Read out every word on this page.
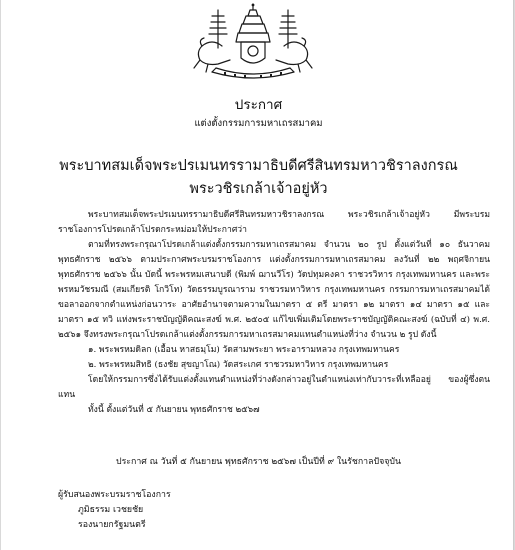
ประกาศ
แต่งตั้งกรรมการมหาเถรสมาคม
พระบาทสมเด็จพระปรเมนทรรามาธิบดีศรีสินทรมหาวชิราลงกรณ
พระวชิรเกล้าเจ้าอยู่หัว

พระบาทสมเด็จพระปรเมนทรรามาธิบดีศรีสินทรมหาวชิราลงกรณ พระวชิรเกล้าเจ้าอยู่หัว มีพระบรมราชโองการโปรดเกล้าโปรดกระหม่อมให้ประกาศว่า

ตามที่ทรงพระกรุณาโปรดเกล้าแต่งตั้งกรรมการมหาเถรสมาคม จำนวน ๒๐ รูป ตั้งแต่วันที่ ๑๐ ธันวาคม พุทธศักราช ๒๕๖๖ ตามประกาศพระบรมราชโองการ แต่งตั้งกรรมการมหาเถรสมาคม ลงวันที่ ๒๒ พฤศจิกายน พุทธศักราช ๒๕๖๖ นั้น บัดนี้ พระพรหมเสนาบดี (พิมพ์ ฌานวีโร) วัดปทุมคงคา ราชวรวิหาร กรุงเทพมหานคร และพระพรหมวัชรมณี (สมเกียรติ โกวิโท) วัดธรรมบูรณาราม ราชวรมหาวิหาร กรุงเทพมหานคร กรรมการมหาเถรสมาคมได้ขอลาออกจากตำแหน่งก่อนวาระ อาศัยอำนาจตามความในมาตรา ๕ ตรี มาตรา ๑๒ มาตรา ๑๔ มาตรา ๑๕ และมาตรา ๑๕ ทวิ แห่งพระราชบัญญัติคณะสงฆ์ พ.ศ. ๒๕๐๕ แก้ไขเพิ่มเติมโดยพระราชบัญญัติคณะสงฆ์ (ฉบับที่ ๔) พ.ศ. ๒๕๖๑ จึงทรงพระกรุณาโปรดเกล้าแต่งตั้งกรรมการมหาเถรสมาคมแทนตำแหน่งที่ว่าง จำนวน ๒ รูป ดังนี้

๑. พระพรหมดิลก (เอื้อน หาสธมฺโม) วัดสามพระยา พระอารามหลวง กรุงเทพมหานคร

๒. พระพรหมสิทธิ (ธงชัย สุขญาโณ) วัดสระเกศ ราชวรมหาวิหาร กรุงเทพมหานคร

โดยให้กรรมการซึ่งได้รับแต่งตั้งแทนตำแหน่งที่ว่างดังกล่าวอยู่ในตำแหน่งเท่ากับวาระที่เหลืออยู่ ของผู้ซึ่งตนแทน

ทั้งนี้ ตั้งแต่วันที่ ๕ กันยายน พุทธศักราช ๒๕๖๗

ประกาศ ณ วันที่ ๕ กันยายน พุทธศักราช ๒๕๖๗ เป็นปีที่ ๙ ในรัชกาลปัจจุบัน
ผู้รับสนองพระบรมราชโองการ
ภูมิธรรม เวชยชัย
รองนายกรัฐมนตรี
